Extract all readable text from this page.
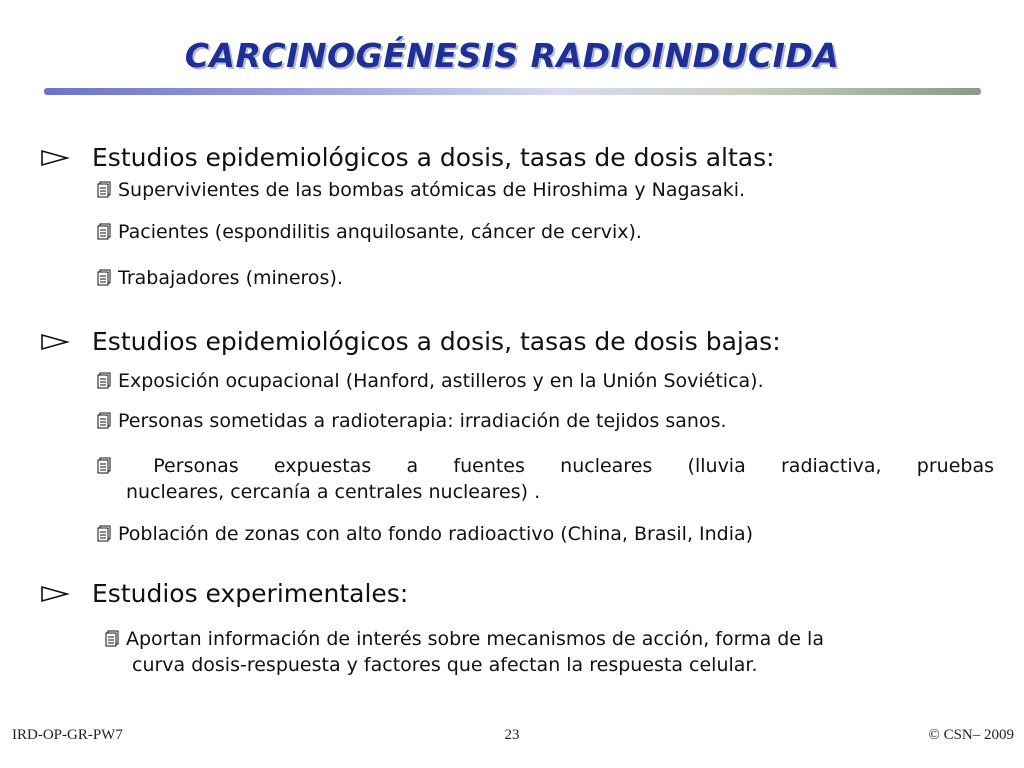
CARCINOGÉNESIS RADIOINDUCIDA
Estudios epidemiológicos a dosis, tasas de dosis altas:
Supervivientes de las bombas atómicas de Hiroshima y Nagasaki.
Pacientes (espondilitis anquilosante, cáncer de cervix).
Trabajadores (mineros).
Estudios epidemiológicos a dosis, tasas de dosis bajas:
Exposición ocupacional (Hanford, astilleros y en la Unión Soviética).
Personas sometidas a radioterapia: irradiación de tejidos sanos.
Personas expuestas a fuentes nucleares (lluvia radiactiva, pruebas
nucleares, cercanía a centrales nucleares) .
Población de zonas con alto fondo radioactivo (China, Brasil, India)
Estudios experimentales:
Aportan información de interés sobre mecanismos de acción, forma de la
curva dosis-respuesta y factores que afectan la respuesta celular.
IRD-OP-GR-PW7	23	© CSN– 2009
